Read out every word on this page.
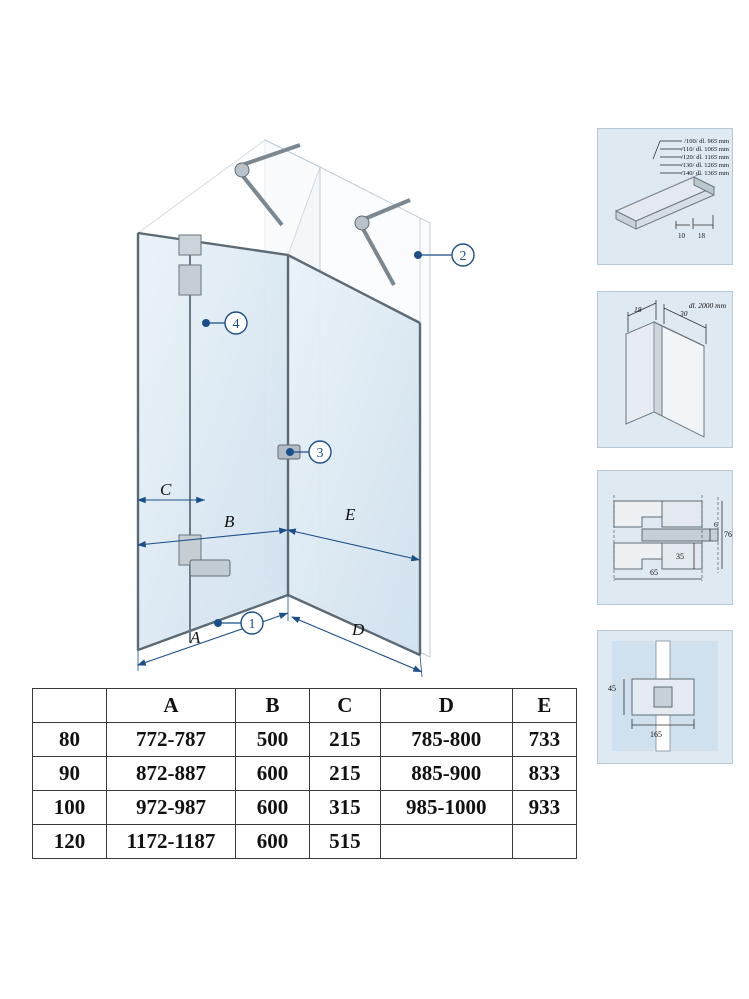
C
B	E
A	D
1
2
3
4
	A	B	C	D	E
80	772-787	500	215	785-800	733
90	872-887	600	215	885-900	833
100	972-987	600	315	985-1000	933
120	1172-1187	600	515		
10 18
/100/ dl. 965 mm
/110/ dl. 1065 mm
/120/ dl. 1165 mm
/130/ dl. 1265 mm
/140/ dl. 1365 mm
18	30
dl. 2000 mm
6
76
35
65
45
165
